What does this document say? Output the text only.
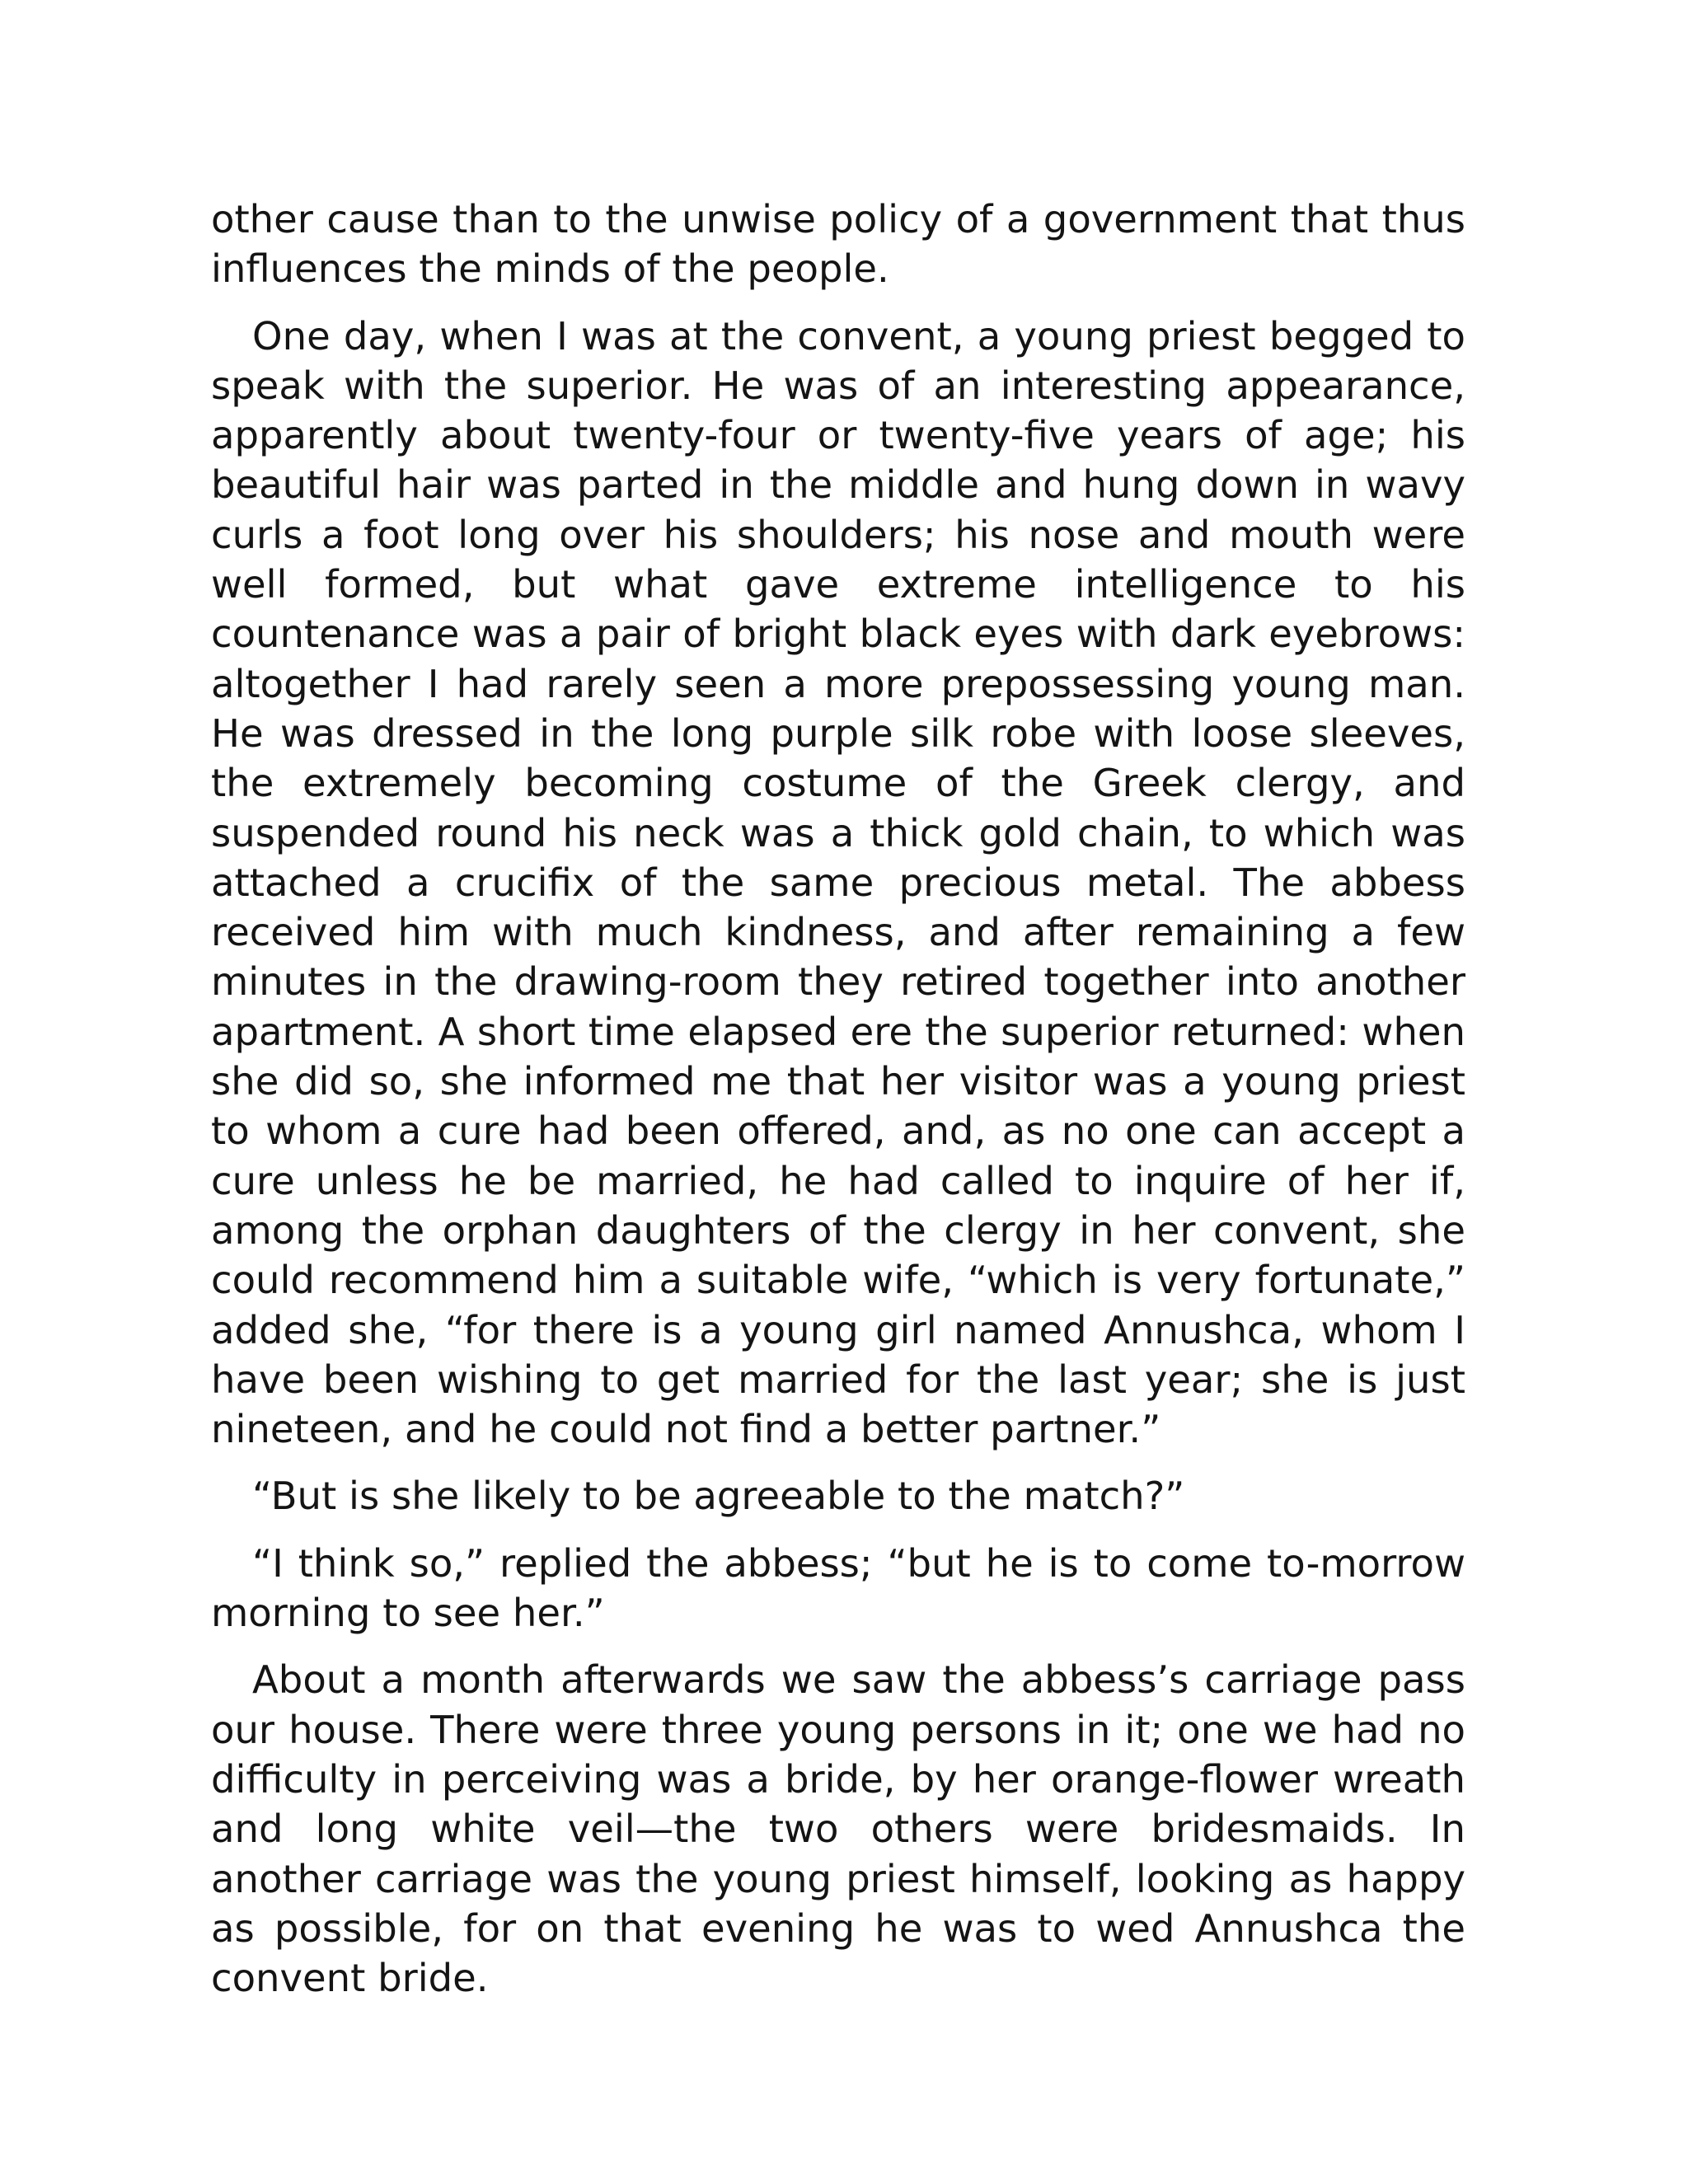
other cause than to the unwise policy of a government that thus influences the minds of the people.

One day, when I was at the convent, a young priest begged to speak with the superior. He was of an interesting appearance, apparently about twenty-four or twenty-five years of age; his beautiful hair was parted in the middle and hung down in wavy curls a foot long over his shoulders; his nose and mouth were well formed, but what gave extreme intelligence to his countenance was a pair of bright black eyes with dark eyebrows: altogether I had rarely seen a more prepossessing young man. He was dressed in the long purple silk robe with loose sleeves, the extremely becoming costume of the Greek clergy, and suspended round his neck was a thick gold chain, to which was attached a crucifix of the same precious metal. The abbess received him with much kindness, and after remaining a few minutes in the drawing-room they retired together into another apartment. A short time elapsed ere the superior returned: when she did so, she informed me that her visitor was a young priest to whom a cure had been offered, and, as no one can accept a cure unless he be married, he had called to inquire of her if, among the orphan daughters of the clergy in her convent, she could recommend him a suitable wife, “which is very fortunate,” added she, “for there is a young girl named Annushca, whom I have been wishing to get married for the last year; she is just nineteen, and he could not find a better partner.”

“But is she likely to be agreeable to the match?”

“I think so,” replied the abbess; “but he is to come to-morrow morning to see her.”

About a month afterwards we saw the abbess’s carriage pass our house. There were three young persons in it; one we had no difficulty in perceiving was a bride, by her orange-flower wreath and long white veil—the two others were bridesmaids. In another carriage was the young priest himself, looking as happy as possible, for on that evening he was to wed Annushca the convent bride.
